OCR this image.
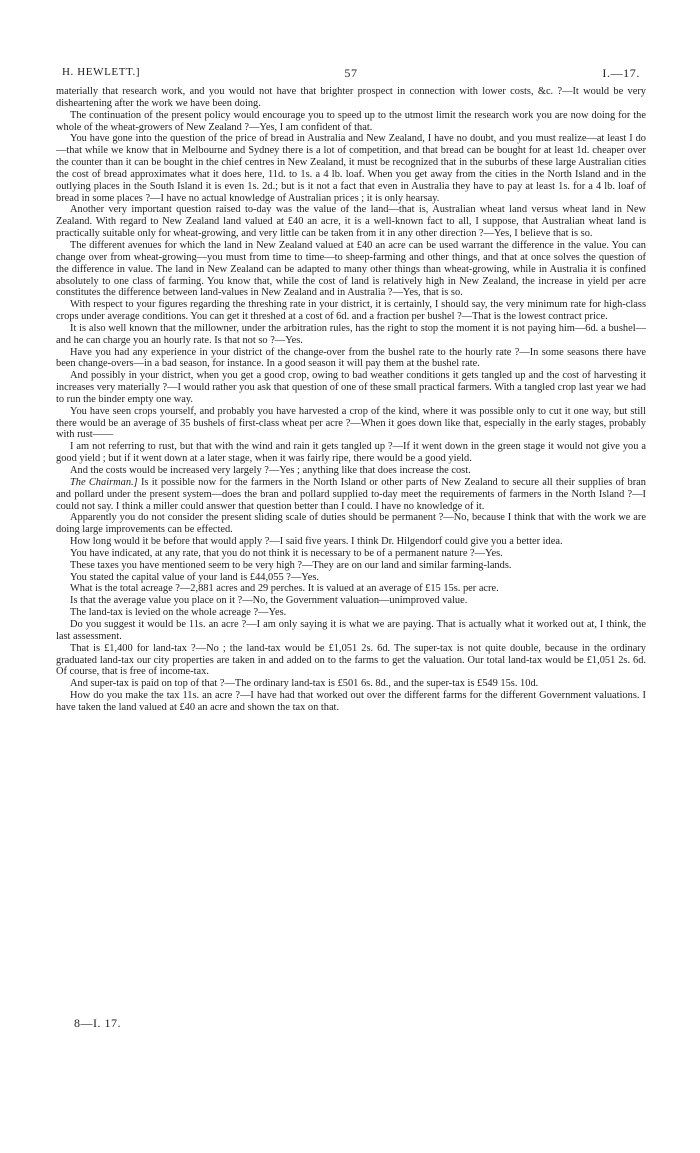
H. HEWLETT.]	57	I.—17.

materially that research work, and you would not have that brighter prospect in connection with lower costs, &c. ?—It would be very disheartening after the work we have been doing.

The continuation of the present policy would encourage you to speed up to the utmost limit the research work you are now doing for the whole of the wheat-growers of New Zealand ?—Yes, I am confident of that.

You have gone into the question of the price of bread in Australia and New Zealand, I have no doubt, and you must realize—at least I do—that while we know that in Melbourne and Sydney there is a lot of competition, and that bread can be bought for at least 1d. cheaper over the counter than it can be bought in the chief centres in New Zealand, it must be recognized that in the suburbs of these large Australian cities the cost of bread approximates what it does here, 11d. to 1s. a 4 lb. loaf. When you get away from the cities in the North Island and in the outlying places in the South Island it is even 1s. 2d.; but is it not a fact that even in Australia they have to pay at least 1s. for a 4 lb. loaf of bread in some places ?—I have no actual knowledge of Australian prices ; it is only hearsay.

Another very important question raised to-day was the value of the land—that is, Australian wheat land versus wheat land in New Zealand. With regard to New Zealand land valued at £40 an acre, it is a well-known fact to all, I suppose, that Australian wheat land is practically suitable only for wheat-growing, and very little can be taken from it in any other direction ?—Yes, I believe that is so.

The different avenues for which the land in New Zealand valued at £40 an acre can be used warrant the difference in the value. You can change over from wheat-growing—you must from time to time—to sheep-farming and other things, and that at once solves the question of the difference in value. The land in New Zealand can be adapted to many other things than wheat-growing, while in Australia it is confined absolutely to one class of farming. You know that, while the cost of land is relatively high in New Zealand, the increase in yield per acre constitutes the difference between land-values in New Zealand and in Australia ?—Yes, that is so.

With respect to your figures regarding the threshing rate in your district, it is certainly, I should say, the very minimum rate for high-class crops under average conditions. You can get it threshed at a cost of 6d. and a fraction per bushel ?—That is the lowest contract price.

It is also well known that the millowner, under the arbitration rules, has the right to stop the moment it is not paying him—6d. a bushel—and he can charge you an hourly rate. Is that not so ?—Yes.

Have you had any experience in your district of the change-over from the bushel rate to the hourly rate ?—In some seasons there have been change-overs—in a bad season, for instance. In a good season it will pay them at the bushel rate.

And possibly in your district, when you get a good crop, owing to bad weather conditions it gets tangled up and the cost of harvesting it increases very materially ?—I would rather you ask that question of one of these small practical farmers. With a tangled crop last year we had to run the binder empty one way.

You have seen crops yourself, and probably you have harvested a crop of the kind, where it was possible only to cut it one way, but still there would be an average of 35 bushels of first-class wheat per acre ?—When it goes down like that, especially in the early stages, probably with rust——

I am not referring to rust, but that with the wind and rain it gets tangled up ?—If it went down in the green stage it would not give you a good yield ; but if it went down at a later stage, when it was fairly ripe, there would be a good yield.

And the costs would be increased very largely ?—Yes ; anything like that does increase the cost.

The Chairman.] Is it possible now for the farmers in the North Island or other parts of New Zealand to secure all their supplies of bran and pollard under the present system—does the bran and pollard supplied to-day meet the requirements of farmers in the North Island ?—I could not say. I think a miller could answer that question better than I could. I have no knowledge of it.

Apparently you do not consider the present sliding scale of duties should be permanent ?—No, because I think that with the work we are doing large improvements can be effected.

How long would it be before that would apply ?—I said five years. I think Dr. Hilgendorf could give you a better idea.

You have indicated, at any rate, that you do not think it is necessary to be of a permanent nature ?—Yes.

These taxes you have mentioned seem to be very high ?—They are on our land and similar farming-lands.

You stated the capital value of your land is £44,055 ?—Yes.

What is the total acreage ?—2,881 acres and 29 perches. It is valued at an average of £15 15s. per acre.

Is that the average value you place on it ?—No, the Government valuation—unimproved value.

The land-tax is levied on the whole acreage ?—Yes.

Do you suggest it would be 11s. an acre ?—I am only saying it is what we are paying. That is actually what it worked out at, I think, the last assessment.

That is £1,400 for land-tax ?—No ; the land-tax would be £1,051 2s. 6d. The super-tax is not quite double, because in the ordinary graduated land-tax our city properties are taken in and added on to the farms to get the valuation. Our total land-tax would be £1,051 2s. 6d. Of course, that is free of income-tax.

And super-tax is paid on top of that ?—The ordinary land-tax is £501 6s. 8d., and the super-tax is £549 15s. 10d.

How do you make the tax 11s. an acre ?—I have had that worked out over the different farms for the different Government valuations. I have taken the land valued at £40 an acre and shown the tax on that.

8—I. 17.
